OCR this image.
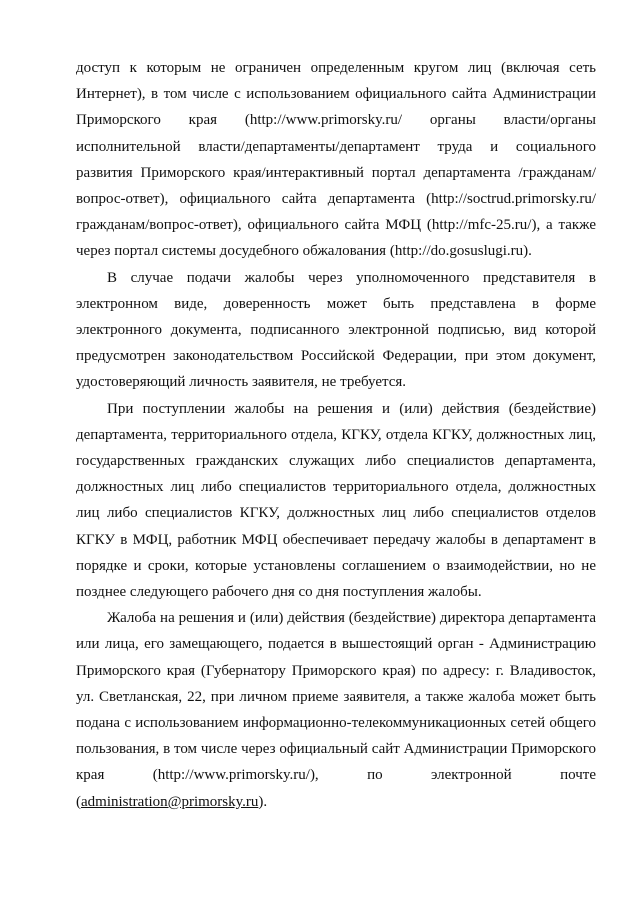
доступ к которым не ограничен определенным кругом лиц (включая сеть Интернет), в том числе с использованием официального сайта Администрации Приморского края (http://www.primorsky.ru/ органы власти/органы исполнительной власти/департаменты/департамент труда и социального развития Приморского края/интерактивный портал департамента /гражданам/вопрос-ответ), официального сайта департамента (http://soctrud.primorsky.ru/ гражданам/вопрос-ответ), официального сайта МФЦ (http://mfc-25.ru/), а также через портал системы досудебного обжалования (http://do.gosuslugi.ru).

В случае подачи жалобы через уполномоченного представителя в электронном виде, доверенность может быть представлена в форме электронного документа, подписанного электронной подписью, вид которой предусмотрен законодательством Российской Федерации, при этом документ, удостоверяющий личность заявителя, не требуется.

При поступлении жалобы на решения и (или) действия (бездействие) департамента, территориального отдела, КГКУ, отдела КГКУ, должностных лиц, государственных гражданских служащих либо специалистов департамента, должностных лиц либо специалистов территориального отдела, должностных лиц либо специалистов КГКУ, должностных лиц либо специалистов отделов КГКУ в МФЦ, работник МФЦ обеспечивает передачу жалобы в департамент в порядке и сроки, которые установлены соглашением о взаимодействии, но не позднее следующего рабочего дня со дня поступления жалобы.

Жалоба на решения и (или) действия (бездействие) директора департамента или лица, его замещающего, подается в вышестоящий орган - Администрацию Приморского края (Губернатору Приморского края) по адресу: г. Владивосток, ул. Светланская, 22, при личном приеме заявителя, а также жалоба может быть подана с использованием информационно-телекоммуникационных сетей общего пользования, в том числе через официальный сайт Администрации Приморского края (http://www.primorsky.ru/), по электронной почте (administration@primorsky.ru).
